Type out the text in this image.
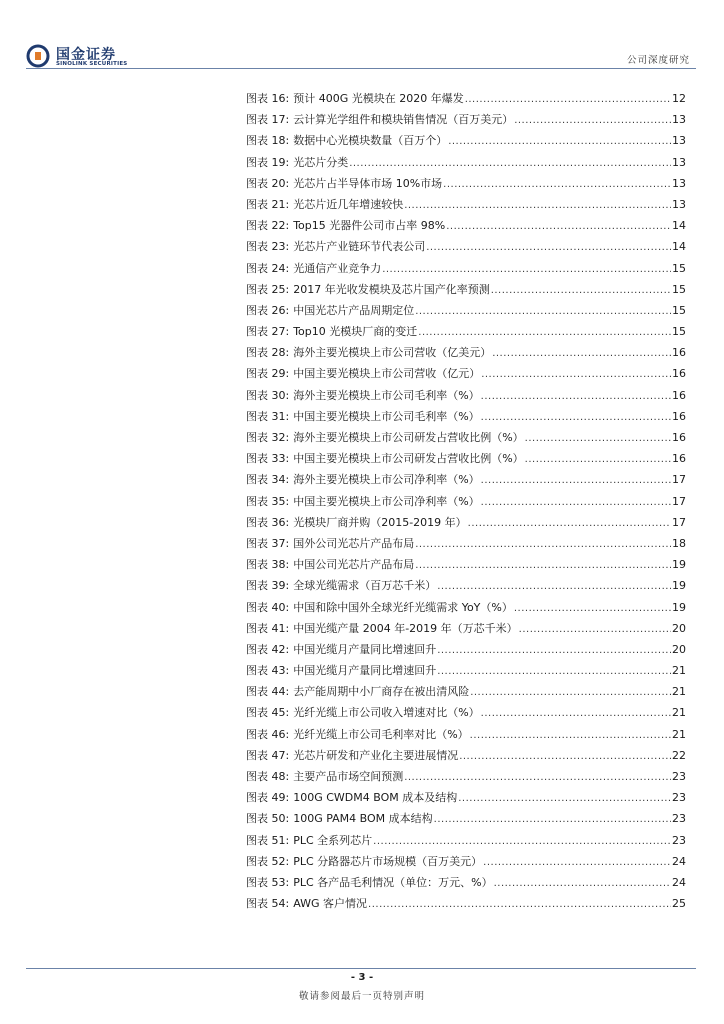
国金证券
SINOLINK SECURITIES	公司深度研究
图表 16: 预计 400G 光模块在 2020 年爆发 .....	12
图表 17: 云计算光学组件和模块销售情况（百万美元） .....	13
图表 18: 数据中心光模块数量（百万个） .....	13
图表 19: 光芯片分类 .....	13
图表 20: 光芯片占半导体市场 10%市场 .....	13
图表 21: 光芯片近几年增速较快 .....	13
图表 22: Top15 光器件公司市占率 98% .....	14
图表 23: 光芯片产业链环节代表公司 .....	14
图表 24: 光通信产业竞争力 .....	15
图表 25: 2017 年光收发模块及芯片国产化率预测 .....	15
图表 26: 中国光芯片产品周期定位 .....	15
图表 27: Top10 光模块厂商的变迁 .....	15
图表 28: 海外主要光模块上市公司营收（亿美元） .....	16
图表 29: 中国主要光模块上市公司营收（亿元） .....	16
图表 30: 海外主要光模块上市公司毛利率（%） .....	16
图表 31: 中国主要光模块上市公司毛利率（%） .....	16
图表 32: 海外主要光模块上市公司研发占营收比例（%） .....	16
图表 33: 中国主要光模块上市公司研发占营收比例（%） .....	16
图表 34: 海外主要光模块上市公司净利率（%） .....	17
图表 35: 中国主要光模块上市公司净利率（%） .....	17
图表 36: 光模块厂商并购（2015-2019 年） .....	17
图表 37: 国外公司光芯片产品布局 .....	18
图表 38: 中国公司光芯片产品布局 .....	19
图表 39: 全球光缆需求（百万芯千米） .....	19
图表 40: 中国和除中国外全球光纤光缆需求 YoY（%） .....	19
图表 41: 中国光缆产量 2004 年-2019 年（万芯千米） .....	20
图表 42: 中国光缆月产量同比增速回升 .....	20
图表 43: 中国光缆月产量同比增速回升 .....	21
图表 44: 去产能周期中小厂商存在被出清风险 .....	21
图表 45: 光纤光缆上市公司收入增速对比（%） .....	21
图表 46: 光纤光缆上市公司毛利率对比（%） .....	21
图表 47: 光芯片研发和产业化主要进展情况 .....	22
图表 48: 主要产品市场空间预测 .....	23
图表 49: 100G CWDM4 BOM 成本及结构 .....	23
图表 50: 100G PAM4 BOM 成本结构 .....	23
图表 51: PLC 全系列芯片 .....	23
图表 52: PLC 分路器芯片市场规模（百万美元） .....	24
图表 53: PLC 各产品毛利情况（单位：万元、%） .....	24
图表 54: AWG 客户情况 .....	25
- 3 -
敬请参阅最后一页特别声明
